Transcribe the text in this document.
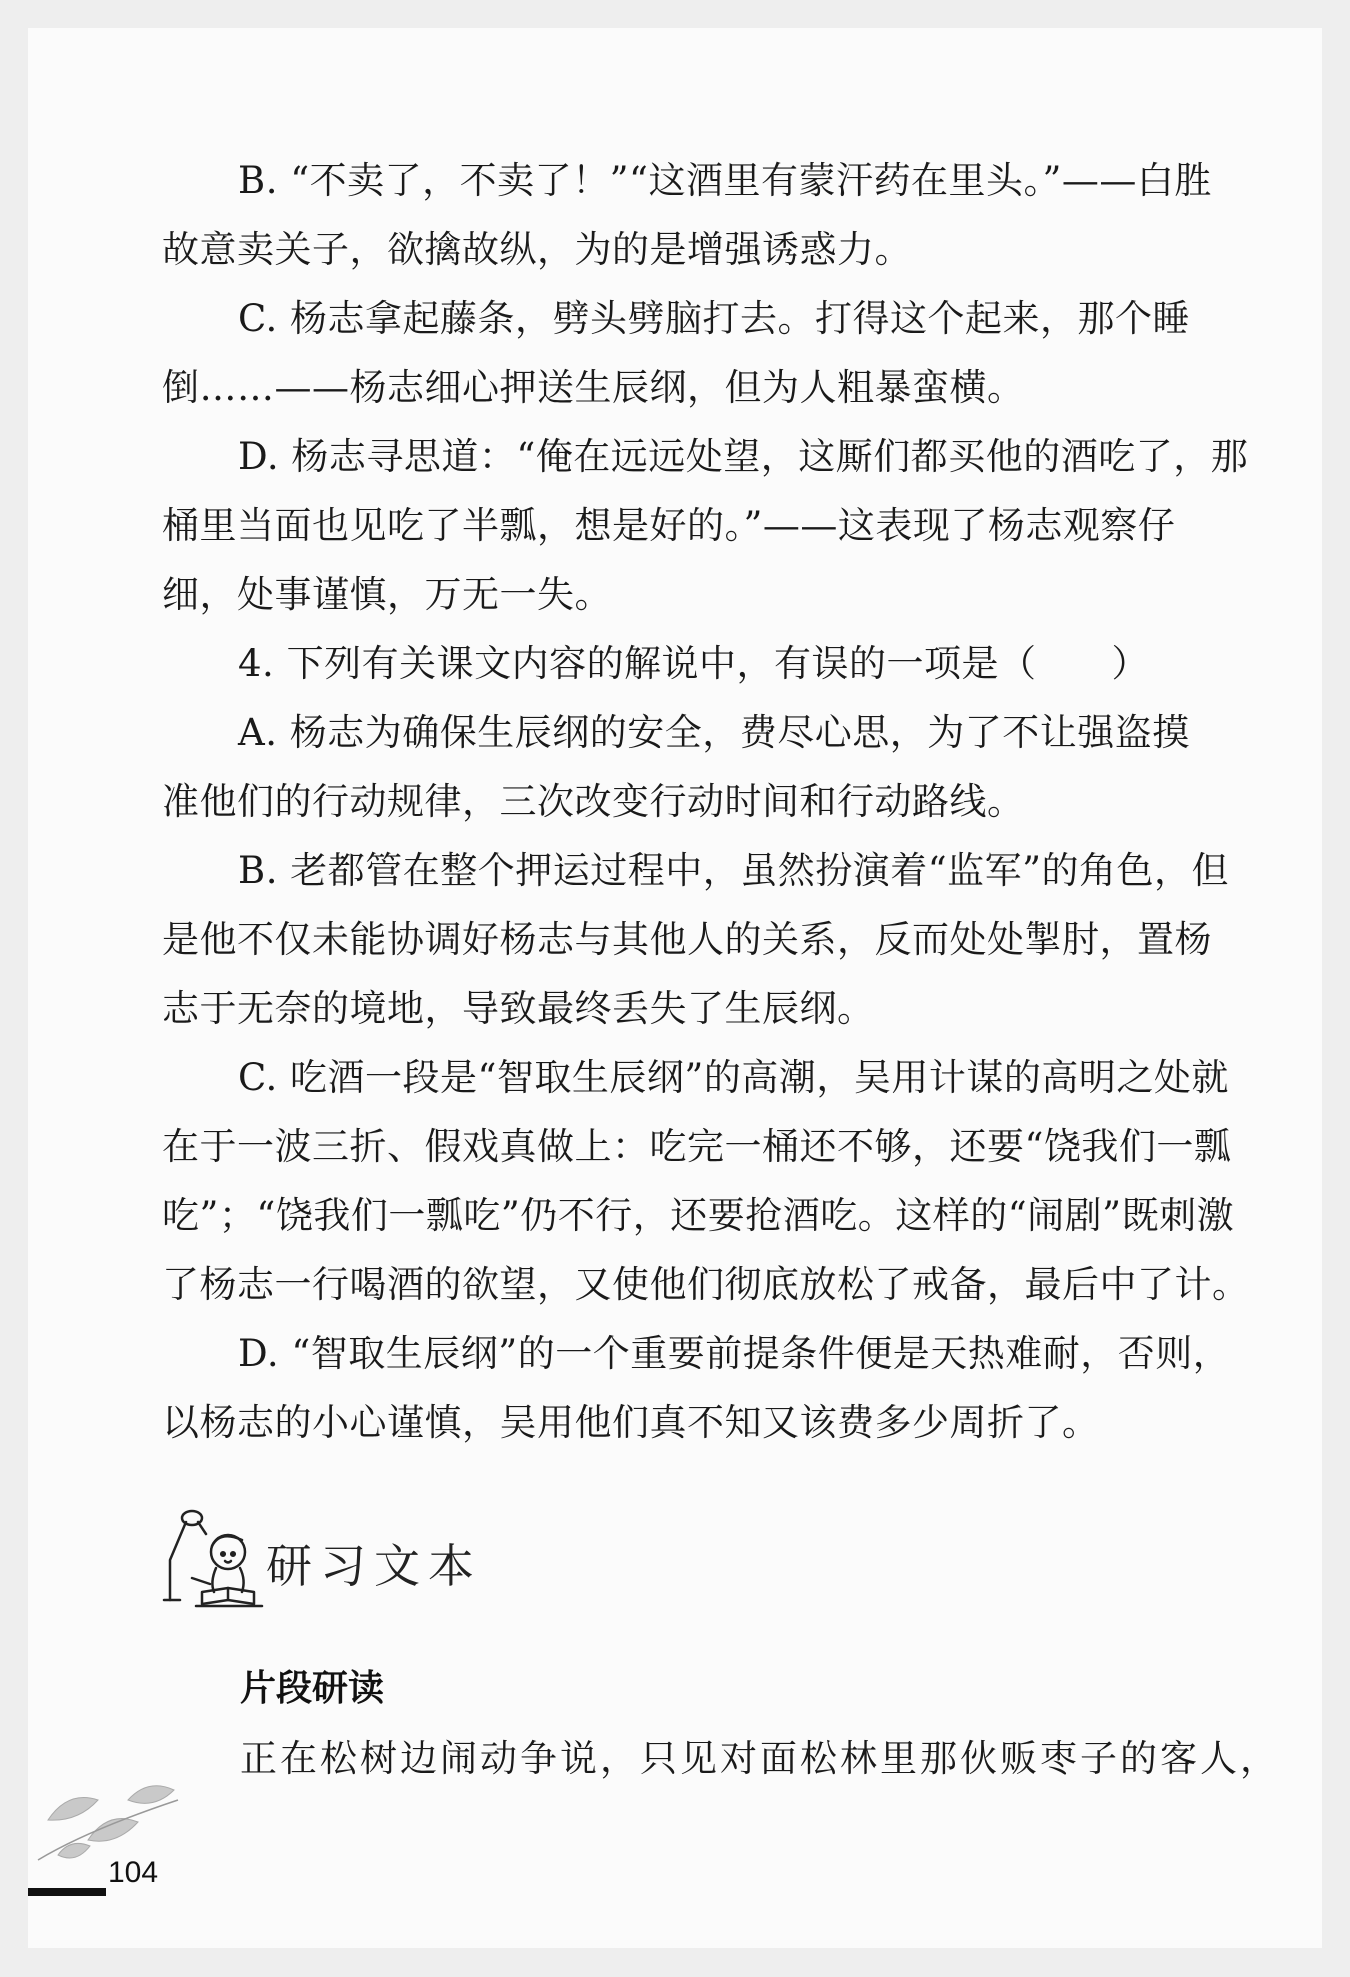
B. “不卖了，不卖了！”“这酒里有蒙汗药在里头。”——白胜
故意卖关子，欲擒故纵，为的是增强诱惑力。
C. 杨志拿起藤条，劈头劈脑打去。打得这个起来，那个睡
倒……——杨志细心押送生辰纲，但为人粗暴蛮横。
D. 杨志寻思道：“俺在远远处望，这厮们都买他的酒吃了，那
桶里当面也见吃了半瓢，想是好的。”——这表现了杨志观察仔
细，处事谨慎，万无一失。
4. 下列有关课文内容的解说中，有误的一项是（　　）
A. 杨志为确保生辰纲的安全，费尽心思，为了不让强盗摸
准他们的行动规律，三次改变行动时间和行动路线。
B. 老都管在整个押运过程中，虽然扮演着“监军”的角色，但
是他不仅未能协调好杨志与其他人的关系，反而处处掣肘，置杨
志于无奈的境地，导致最终丢失了生辰纲。
C. 吃酒一段是“智取生辰纲”的高潮，吴用计谋的高明之处就
在于一波三折、假戏真做上：吃完一桶还不够，还要“饶我们一瓢
吃”；“饶我们一瓢吃”仍不行，还要抢酒吃。这样的“闹剧”既刺激
了杨志一行喝酒的欲望，又使他们彻底放松了戒备，最后中了计。
D. “智取生辰纲”的一个重要前提条件便是天热难耐，否则，
以杨志的小心谨慎，吴用他们真不知又该费多少周折了。
研习文本
片段研读
正在松树边闹动争说，只见对面松林里那伙贩枣子的客人，
104
